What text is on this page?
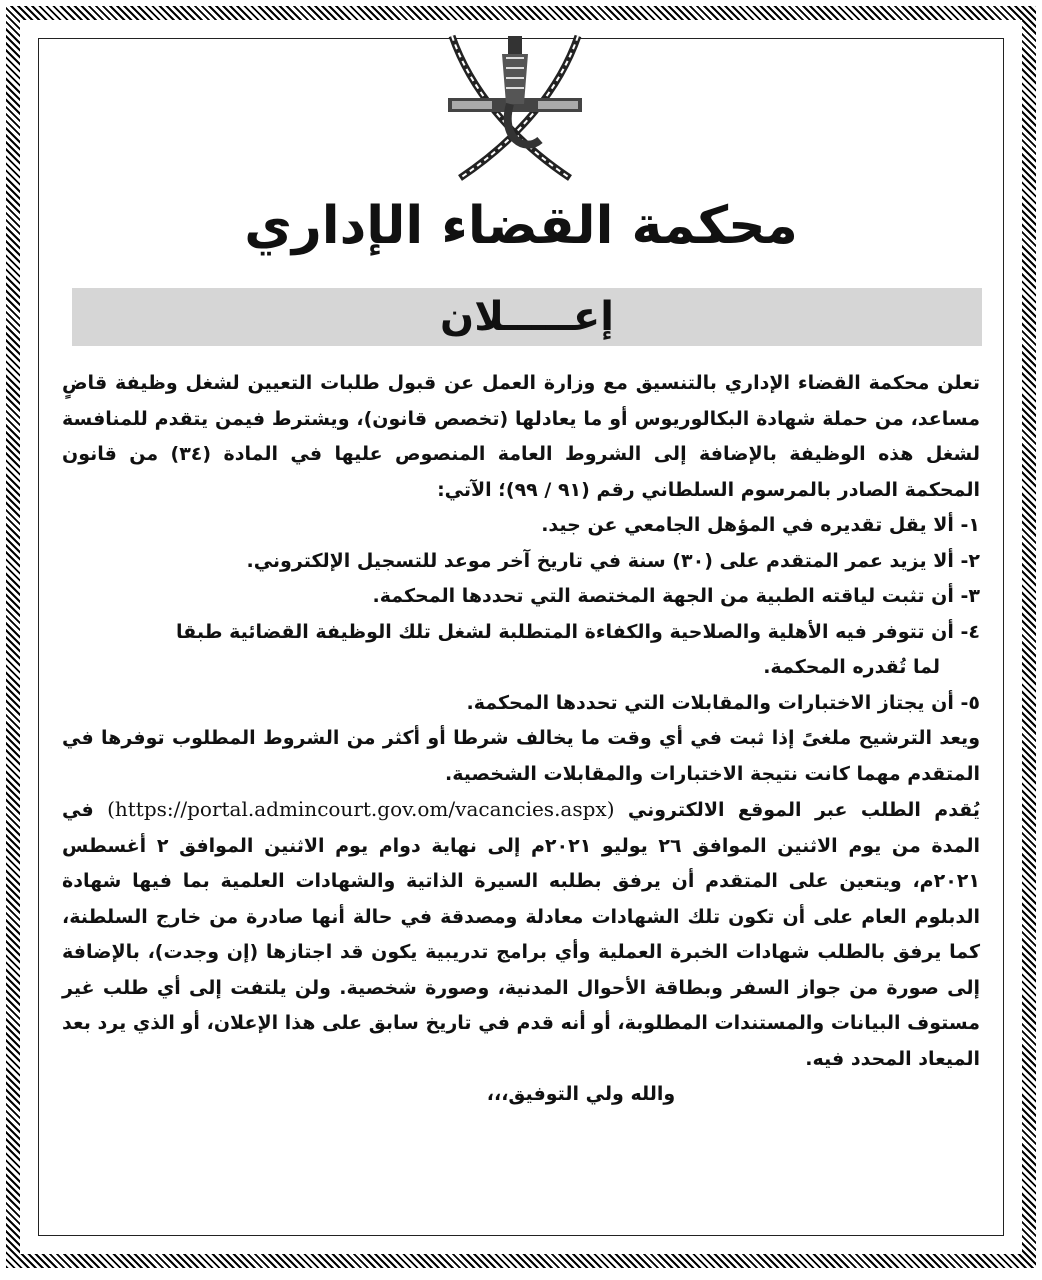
محكمة القضاء الإداري
إعـــــلان

تعلن محكمة القضاء الإداري بالتنسيق مع وزارة العمل عن قبول طلبات التعيين لشغل وظيفة قاضٍ مساعد، من حملة شهادة البكالوريوس أو ما يعادلها (تخصص قانون)، ويشترط فيمن يتقدم للمنافسة لشغل هذه الوظيفة بالإضافة إلى الشروط العامة المنصوص عليها في المادة (٣٤) من قانون المحكمة الصادر بالمرسوم السلطاني رقم (٩١ / ٩٩)؛ الآتي:

١- ألا يقل تقديره في المؤهل الجامعي عن جيد.

٢- ألا يزيد عمر المتقدم على (٣٠) سنة في تاريخ آخر موعد للتسجيل الإلكتروني.

٣- أن تثبت لياقته الطبية من الجهة المختصة التي تحددها المحكمة.

٤- أن تتوفر فيه الأهلية والصلاحية والكفاءة المتطلبة لشغل تلك الوظيفة القضائية طبقا

لما تُقدره المحكمة.

٥- أن يجتاز الاختبارات والمقابلات التي تحددها المحكمة.

ويعد الترشيح ملغىً إذا ثبت في أي وقت ما يخالف شرطا أو أكثر من الشروط المطلوب توفرها في المتقدم مهما كانت نتيجة الاختبارات والمقابلات الشخصية.

يُقدم الطلب عبر الموقع الالكتروني (https://portal.admincourt.gov.om/vacancies.aspx) في المدة من يوم الاثنين الموافق ٢٦ يوليو ٢٠٢١م إلى نهاية دوام يوم الاثنين الموافق ٢ أغسطس ٢٠٢١م، ويتعين على المتقدم أن يرفق بطلبه السيرة الذاتية والشهادات العلمية بما فيها شهادة الدبلوم العام على أن تكون تلك الشهادات معادلة ومصدقة في حالة أنها صادرة من خارج السلطنة، كما يرفق بالطلب شهادات الخبرة العملية وأي برامج تدريبية يكون قد اجتازها (إن وجدت)، بالإضافة إلى صورة من جواز السفر وبطاقة الأحوال المدنية، وصورة شخصية. ولن يلتفت إلى أي طلب غير مستوف البيانات والمستندات المطلوبة، أو أنه قدم في تاريخ سابق على هذا الإعلان، أو الذي يرد بعد الميعاد المحدد فيه.

والله ولي التوفيق،،،
